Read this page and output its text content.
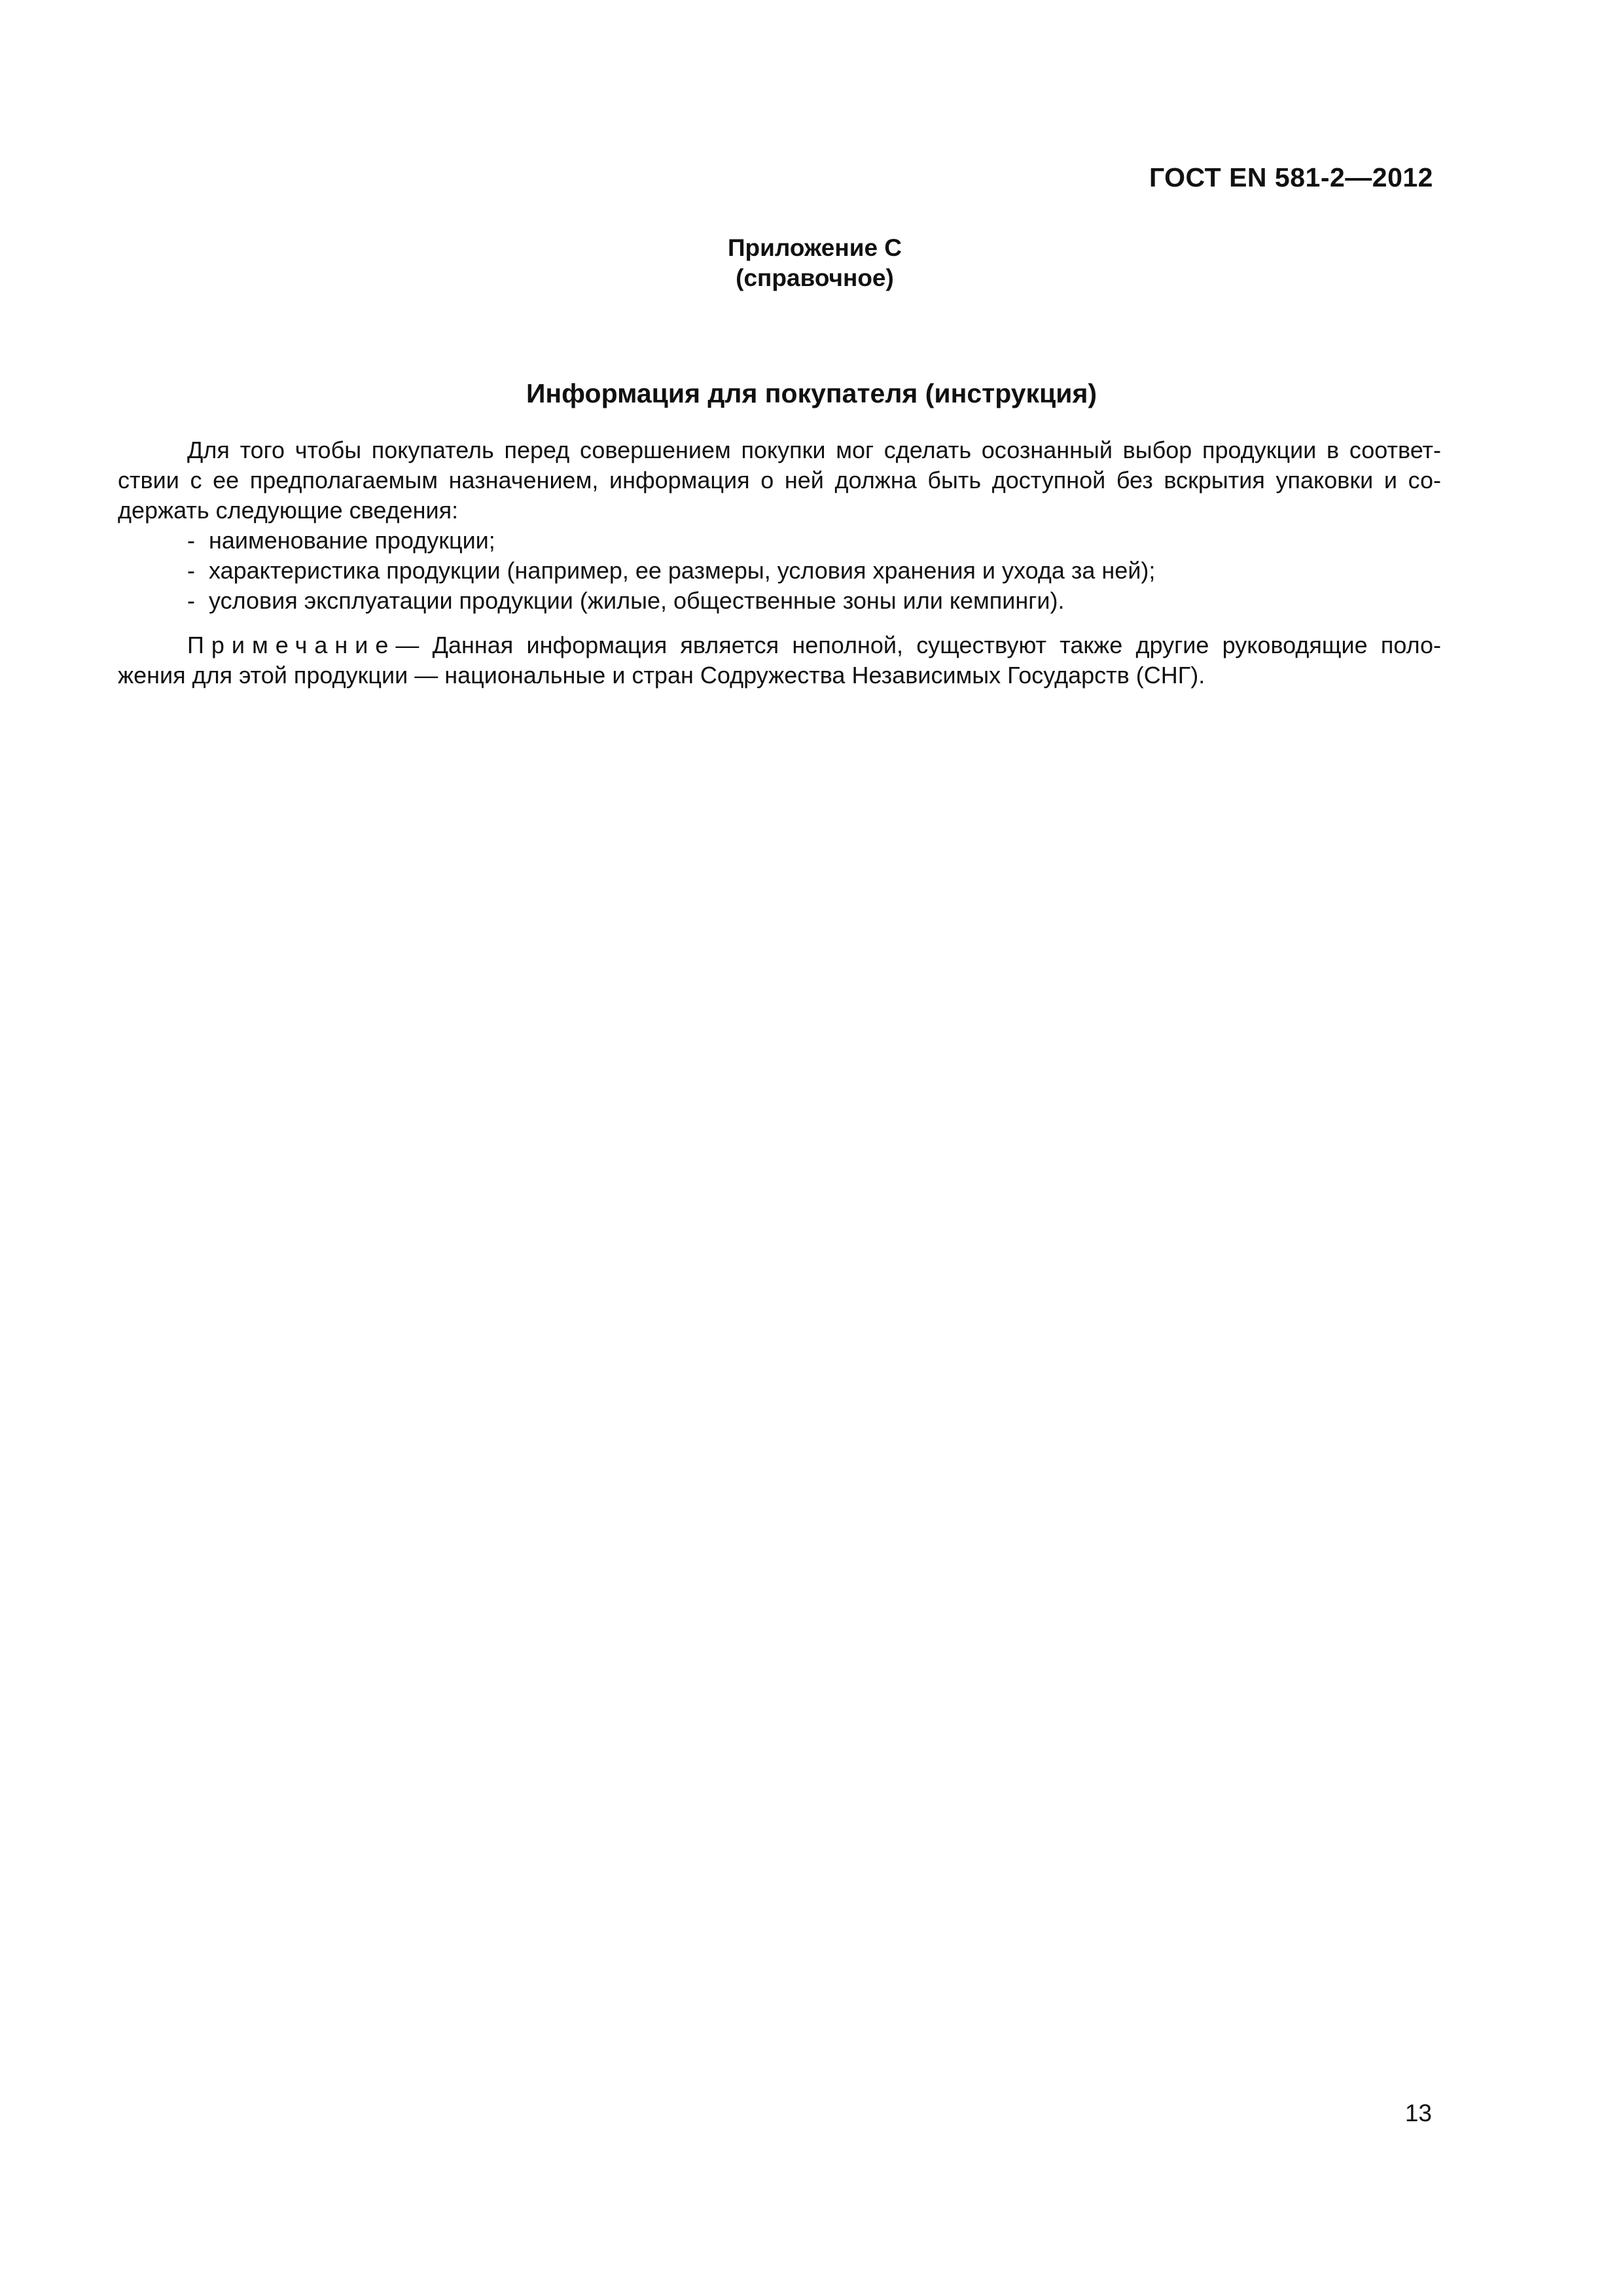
ГОСТ EN 581-2—2012
Приложение С
(справочное)
Информация для покупателя (инструкция)

Для того чтобы покупатель перед совершением покупки мог сделать осознанный выбор продукции в соответ-ствии с ее предполагаемым назначением, информация о ней должна быть доступной без вскрытия упаковки и со-держать следующие сведения:

- наименование продукции;
- характеристика продукции (например, ее размеры, условия хранения и ухода за ней);
- условия эксплуатации продукции (жилые, общественные зоны или кемпинги).

Примечание— Данная информация является неполной, существуют также другие руководящие поло-жения для этой продукции — национальные и стран Содружества Независимых Государств (СНГ).

13
